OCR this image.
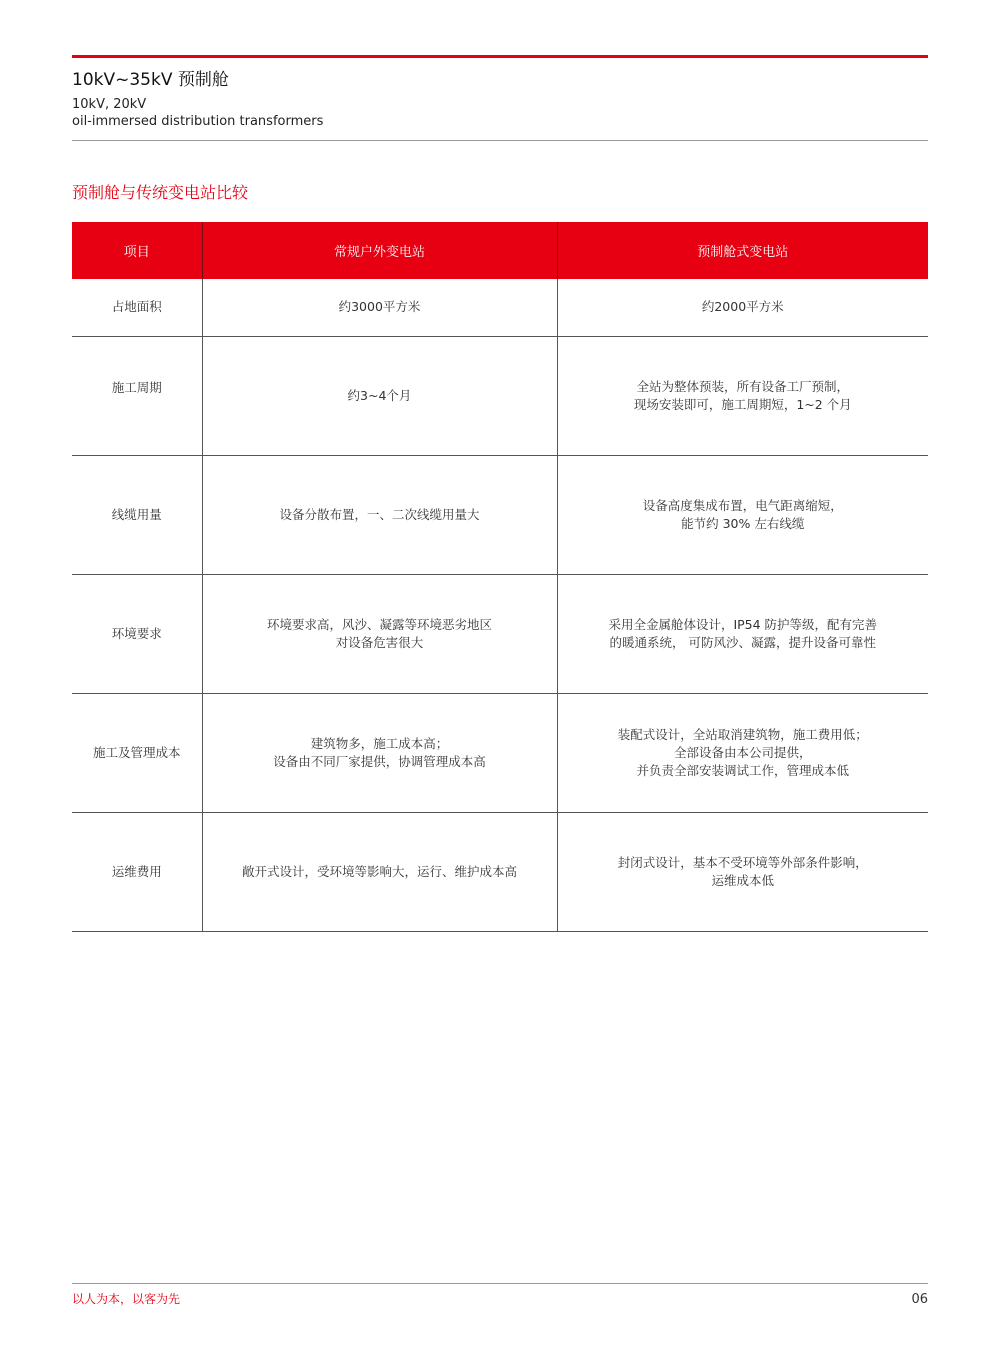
10kV~35kV 预制舱
10kV, 20kV
oil-immersed distribution transformers
预制舱与传统变电站比较
项目	常规户外变电站	预制舱式变电站
占地面积	约3000平方米	约2000平方米

施工周期	约3~4个月	全站为整体预装，所有设备工厂预制，
现场安装即可，施工周期短，1~2 个月

线缆用量	设备分散布置，一、二次线缆用量大	设备高度集成布置，电气距离缩短，
能节约 30% 左右线缆

环境要求	环境要求高，风沙、凝露等环境恶劣地区
对设备危害很大	采用全金属舱体设计，IP54 防护等级，配有完善
的暖通系统， 可防风沙、凝露，提升设备可靠性

施工及管理成本	建筑物多，施工成本高；
设备由不同厂家提供，协调管理成本高	装配式设计，全站取消建筑物，施工费用低；
全部设备由本公司提供，
并负责全部安装调试工作，管理成本低

运维费用	敞开式设计，受环境等影响大，运行、维护成本高	封闭式设计，基本不受环境等外部条件影响，
运维成本低
以人为本，以客为先	06
